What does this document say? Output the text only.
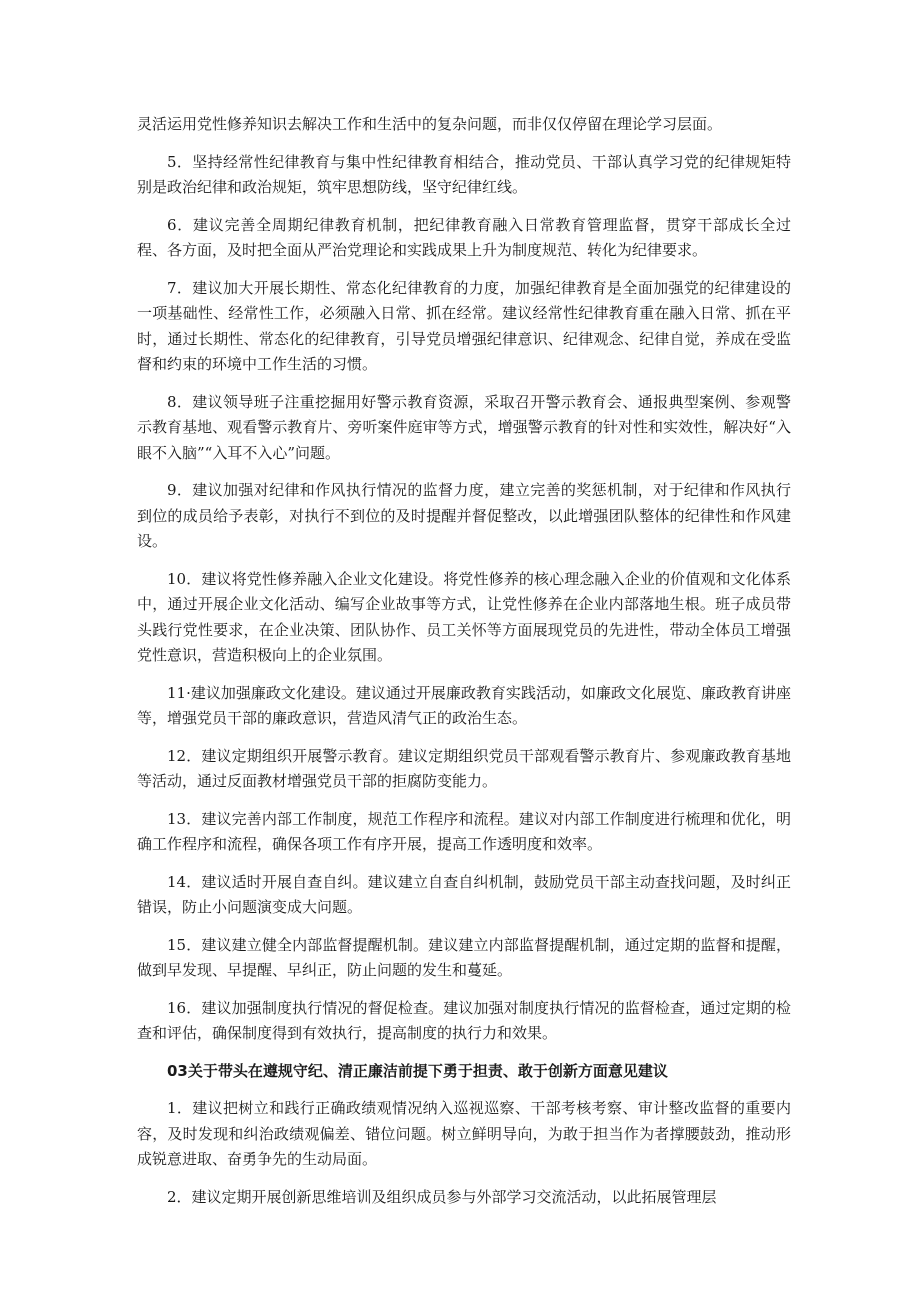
灵活运用党性修养知识去解决工作和生活中的复杂问题，而非仅仅停留在理论学习层面。

5．坚持经常性纪律教育与集中性纪律教育相结合，推动党员、干部认真学习党的纪律规矩特别是政治纪律和政治规矩，筑牢思想防线，坚守纪律红线。

6．建议完善全周期纪律教育机制，把纪律教育融入日常教育管理监督，贯穿干部成长全过程、各方面，及时把全面从严治党理论和实践成果上升为制度规范、转化为纪律要求。

7．建议加大开展长期性、常态化纪律教育的力度，加强纪律教育是全面加强党的纪律建设的一项基础性、经常性工作，必须融入日常、抓在经常。建议经常性纪律教育重在融入日常、抓在平时，通过长期性、常态化的纪律教育，引导党员增强纪律意识、纪律观念、纪律自觉，养成在受监督和约束的环境中工作生活的习惯。

8．建议领导班子注重挖掘用好警示教育资源，采取召开警示教育会、通报典型案例、参观警示教育基地、观看警示教育片、旁听案件庭审等方式，增强警示教育的针对性和实效性，解决好“入眼不入脑”“入耳不入心”问题。

9．建议加强对纪律和作风执行情况的监督力度，建立完善的奖惩机制，对于纪律和作风执行到位的成员给予表彰，对执行不到位的及时提醒并督促整改，以此增强团队整体的纪律性和作风建设。

10．建议将党性修养融入企业文化建设。将党性修养的核心理念融入企业的价值观和文化体系中，通过开展企业文化活动、编写企业故事等方式，让党性修养在企业内部落地生根。班子成员带头践行党性要求，在企业决策、团队协作、员工关怀等方面展现党员的先进性，带动全体员工增强党性意识，营造积极向上的企业氛围。

11·建议加强廉政文化建设。建议通过开展廉政教育实践活动，如廉政文化展览、廉政教育讲座等，增强党员干部的廉政意识，营造风清气正的政治生态。

12．建议定期组织开展警示教育。建议定期组织党员干部观看警示教育片、参观廉政教育基地等活动，通过反面教材增强党员干部的拒腐防变能力。

13．建议完善内部工作制度，规范工作程序和流程。建议对内部工作制度进行梳理和优化，明确工作程序和流程，确保各项工作有序开展，提高工作透明度和效率。

14．建议适时开展自查自纠。建议建立自查自纠机制，鼓励党员干部主动查找问题，及时纠正错误，防止小问题演变成大问题。

15．建议建立健全内部监督提醒机制。建议建立内部监督提醒机制，通过定期的监督和提醒，做到早发现、早提醒、早纠正，防止问题的发生和蔓延。

16．建议加强制度执行情况的督促检查。建议加强对制度执行情况的监督检查，通过定期的检查和评估，确保制度得到有效执行，提高制度的执行力和效果。

03关于带头在遵规守纪、清正廉洁前提下勇于担责、敢于创新方面意见建议

1．建议把树立和践行正确政绩观情况纳入巡视巡察、干部考核考察、审计整改监督的重要内容，及时发现和纠治政绩观偏差、错位问题。树立鲜明导向，为敢于担当作为者撑腰鼓劲，推动形成锐意进取、奋勇争先的生动局面。

2．建议定期开展创新思维培训及组织成员参与外部学习交流活动，以此拓展管理层
